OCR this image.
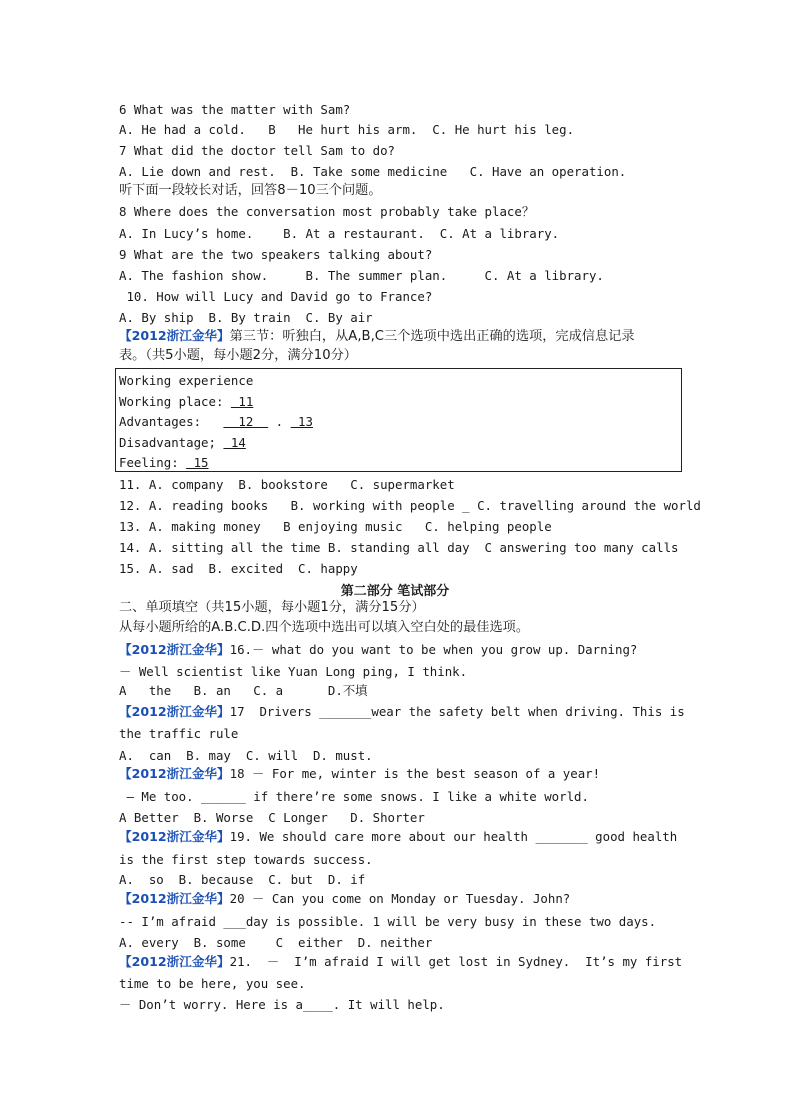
6 What was the matter with Sam?
A. He had a cold.   B   He hurt his arm.  C. He hurt his leg.
7 What did the doctor tell Sam to do?
A. Lie down and rest.  B. Take some medicine   C. Have an operation.
听下面一段较长对话，回答8－10三个问题。
8 Where does the conversation most probably take place？
A. In Lucy’s home.    B. At a restaurant.  C. At a library.
9 What are the two speakers talking about?
A. The fashion show.     B. The summer plan.     C. At a library.
10. How will Lucy and David go to France?
A. By ship  B. By train  C. By air
【2012浙江金华】第三节：听独白，从A,B,C三个选项中选出正确的选项，完成信息记录
表。（共5小题，每小题2分，满分10分）
Working experience
Working place:  11
Advantages:     12   .  13
Disadvantage;  14
Feeling:  15
11. A. company  B. bookstore   C. supermarket
12. A. reading books   B. working with people _ C. travelling around the world
13. A. making money   B enjoying music   C. helping people
14. A. sitting all the time B. standing all day  C answering too many calls
15. A. sad  B. excited  C. happy
第二部分 笔试部分
二、单项填空（共15小题，每小题1分，满分15分）
从每小题所给的A.B.C.D.四个选项中选出可以填入空白处的最佳选项。
【2012浙江金华】16.－ what do you want to be when you grow up. Darning?
－ Well scientist like Yuan Long ping, I think.
A   the   B. an   C. a      D.不填
【2012浙江金华】17  Drivers _______wear the safety belt when driving. This is
the traffic rule
A.  can  B. may  C. will  D. must.
【2012浙江金华】18 － For me, winter is the best season of a year!
– Me too. ______ if there’re some snows. I like a white world.
A Better  B. Worse  C Longer   D. Shorter
【2012浙江金华】19. We should care more about our health _______ good health
is the first step towards success.
A.  so  B. because  C. but  D. if
【2012浙江金华】20 － Can you come on Monday or Tuesday. John?
-- I’m afraid ___day is possible. 1 will be very busy in these two days.
A. every  B. some    C  either  D. neither
【2012浙江金华】21.  －  I’m afraid I will get lost in Sydney.  It’s my first
time to be here, you see.
－ Don’t worry. Here is a____. It will help.
